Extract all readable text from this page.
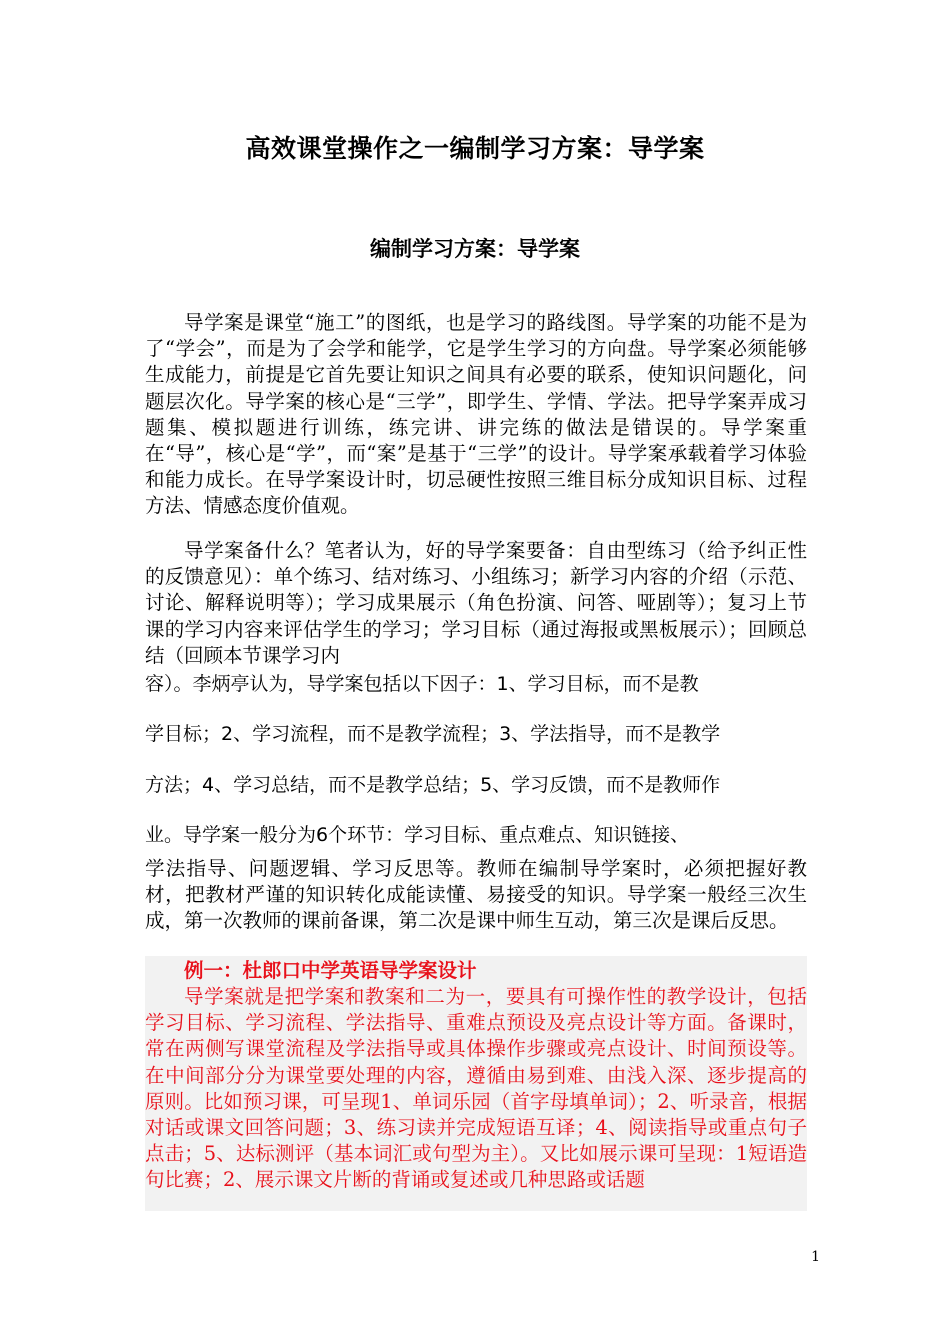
高效课堂操作之一编制学习方案：导学案
编制学习方案：导学案

导学案是课堂“施工”的图纸，也是学习的路线图。导学案的功能不是为了“学会”，而是为了会学和能学，它是学生学习的方向盘。导学案必须能够生成能力，前提是它首先要让知识之间具有必要的联系，使知识问题化，问题层次化。导学案的核心是“三学”，即学生、学情、学法。把导学案弄成习题集、模拟题进行训练，练完讲、讲完练的做法是错误的。导学案重在“导”，核心是“学”，而“案”是基于“三学”的设计。导学案承载着学习体验和能力成长。在导学案设计时，切忌硬性按照三维目标分成知识目标、过程方法、情感态度价值观。

导学案备什么？笔者认为，好的导学案要备：自由型练习（给予纠正性的反馈意见）：单个练习、结对练习、小组练习；新学习内容的介绍（示范、讨论、解释说明等）；学习成果展示（角色扮演、问答、哑剧等）；复习上节课的学习内容来评估学生的学习；学习目标（通过海报或黑板展示）；回顾总结（回顾本节课学习内

容）。李炳亭认为，导学案包括以下因子：1、学习目标，而不是教

学目标；2、学习流程，而不是教学流程；3、学法指导，而不是教学

方法；4、学习总结，而不是教学总结；5、学习反馈，而不是教师作

业。导学案一般分为6个环节：学习目标、重点难点、知识链接、

学法指导、问题逻辑、学习反思等。教师在编制导学案时，必须把握好教材，把教材严谨的知识转化成能读懂、易接受的知识。导学案一般经三次生成，第一次教师的课前备课，第二次是课中师生互动，第三次是课后反思。

例一：杜郎口中学英语导学案设计

导学案就是把学案和教案和二为一，要具有可操作性的教学设计，包括学习目标、学习流程、学法指导、重难点预设及亮点设计等方面。备课时，常在两侧写课堂流程及学法指导或具体操作步骤或亮点设计、时间预设等。在中间部分分为课堂要处理的内容，遵循由易到难、由浅入深、逐步提高的原则。比如预习课，可呈现1、单词乐园（首字母填单词）；2、听录音，根据对话或课文回答问题；3、练习读并完成短语互译；4、阅读指导或重点句子点击；5、达标测评（基本词汇或句型为主）。又比如展示课可呈现：1短语造句比赛；2、展示课文片断的背诵或复述或几种思路或话题

1
